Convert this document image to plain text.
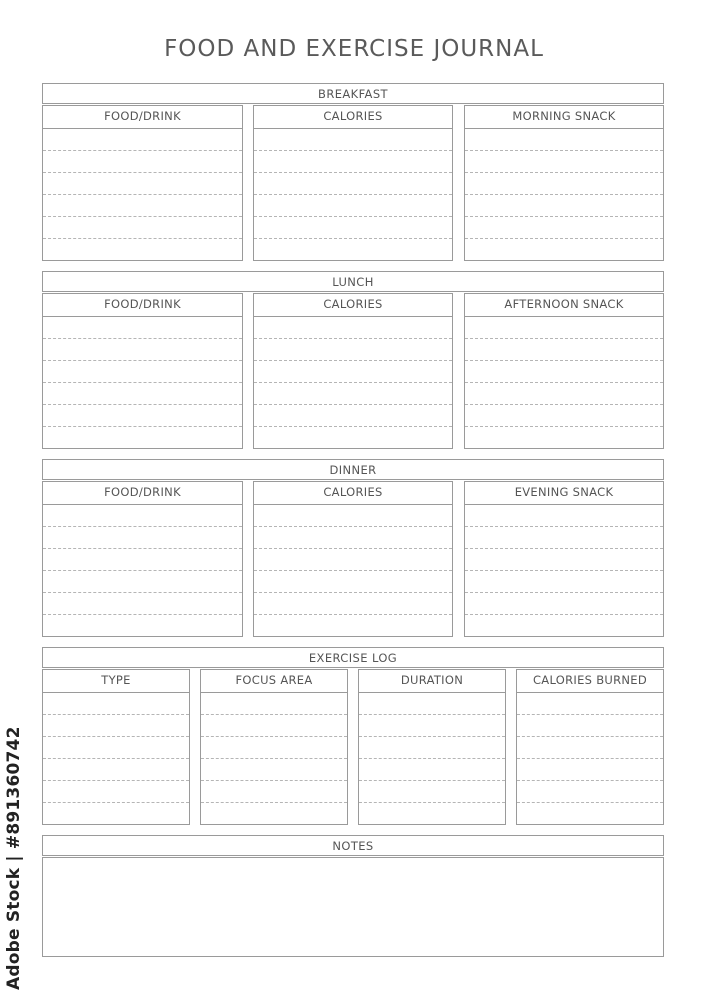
FOOD AND EXERCISE JOURNAL
BREAKFAST
FOOD/DRINK	CALORIES	MORNING SNACK
LUNCH
FOOD/DRINK	CALORIES	AFTERNOON SNACK
DINNER
FOOD/DRINK	CALORIES	EVENING SNACK
EXERCISE LOG
TYPE	FOCUS AREA	DURATION	CALORIES BURNED
NOTES
Adobe Stock | #891360742
